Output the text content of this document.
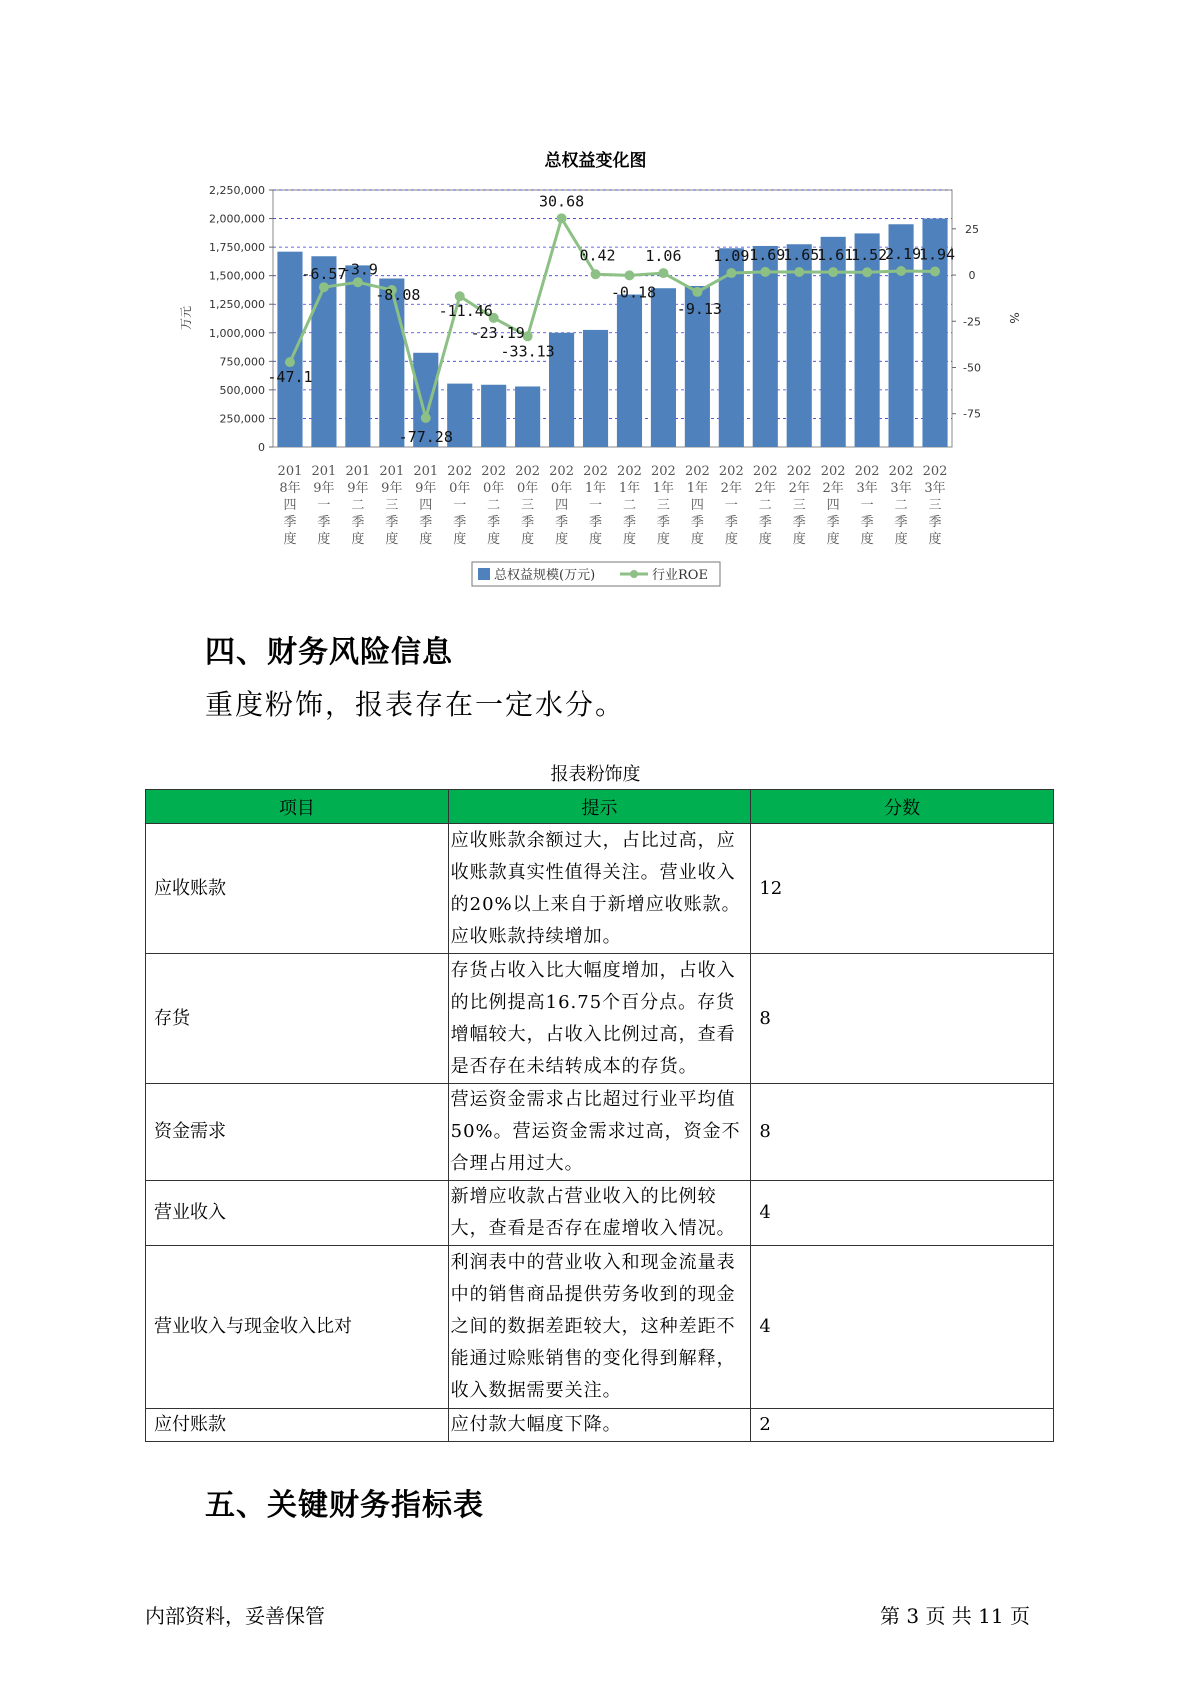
总权益变化图
0
250,000
500,000
750,000
1,000,000
1,250,000
1,500,000
1,750,000
2,000,000
2,250,000
25
0
-25
-50
-75
万元	%
-47.1
-6.57
-3.9
-8.08
-77.28
-11.46
-23.19
-33.13
30.68
0.42
-0.18
1.06
-9.13
1.09 1.69
1.65
1.61
1.52
2.19
1.94
201
8年
四
季
度
201
9年
一
季
度
201
9年
二
季
度
201
9年
三
季
度
201
9年
四
季
度
202
0年
一
季
度
202
0年
二
季
度
202
0年
三
季
度
202
0年
四
季
度
202
1年
一
季
度
202
1年
二
季
度
202
1年
三
季
度
202
1年
四
季
度
202
2年
一
季
度
202
2年
二
季
度
202
2年
三
季
度
202
2年
四
季
度
202
3年
一
季
度
202
3年
二
季
度
202
3年
三
季
度
总权益规模(万元)	行业ROE
四、财务风险信息
重度粉饰，报表存在一定水分。
报表粉饰度
项目	提示	分数
应收账款	应收账款余额过大，占比过高，应收账款真实性值得关注。营业收入的20%以上来自于新增应收账款。应收账款持续增加。	12
存货	存货占收入比大幅度增加，占收入的比例提高16.75个百分点。存货增幅较大，占收入比例过高，查看是否存在未结转成本的存货。	8
资金需求	营运资金需求占比超过行业平均值50%。营运资金需求过高，资金不合理占用过大。	8
营业收入	新增应收款占营业收入的比例较大，查看是否存在虚增收入情况。	4
营业收入与现金收入比对	利润表中的营业收入和现金流量表中的销售商品提供劳务收到的现金之间的数据差距较大，这种差距不能通过赊账销售的变化得到解释，收入数据需要关注。	4
应付账款	应付款大幅度下降。	2
五、关键财务指标表
内部资料，妥善保管	第 3 页 共 11 页
